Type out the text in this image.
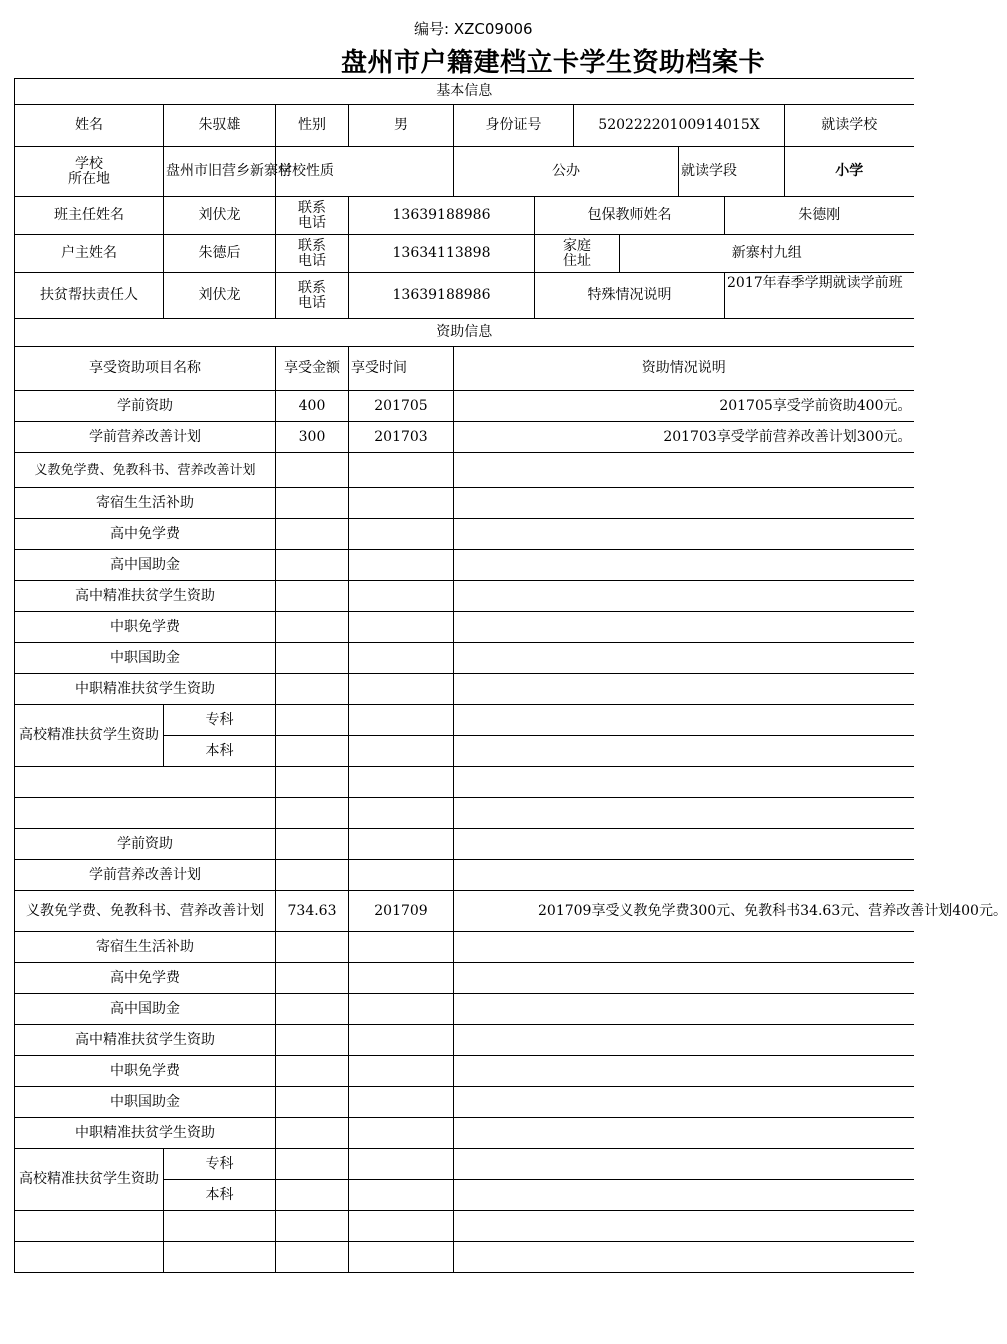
编号: XZC09006
盘州市户籍建档立卡学生资助档案卡
基本信息										
姓名	朱驭雄	性别	男	身份证号		52022220100914015X				就读学校

学校
所在地	盘州市旧营乡新寨村	学校性质		公办				就读学段		小学
班主任姓名	刘伏龙	联系
电话	13639188986		包保教师姓名				朱德刚	
户主姓名	朱德后	联系
电话	13634113898		家庭
住址		新寨村九组			
扶贫帮扶责任人	刘伏龙	联系
电话	13639188986		特殊情况说明				2017年春季学期就读学前班	
资助信息										
享受资助项目名称		享受金额	享受时间	资助情况说明						
学前资助		400	201705	201705享受学前资助400元。						
学前营养改善计划		300	201703	201703享受学前营养改善计划300元。						
义教免学费、免教科书、营养改善计划										
寄宿生生活补助										
高中免学费										
高中国助金										
高中精准扶贫学生资助										
中职免学费										
中职国助金										
中职精准扶贫学生资助										
高校精准扶贫学生资助	专科									
	本科									

学前资助										
学前营养改善计划										
义教免学费、免教科书、营养改善计划		734.63	201709	201709享受义教免学费300元、免教科书34.63元、营养改善计划400元。						
寄宿生生活补助										
高中免学费										
高中国助金										
高中精准扶贫学生资助										
中职免学费										
中职国助金										
中职精准扶贫学生资助										
高校精准扶贫学生资助	专科									
	本科									
